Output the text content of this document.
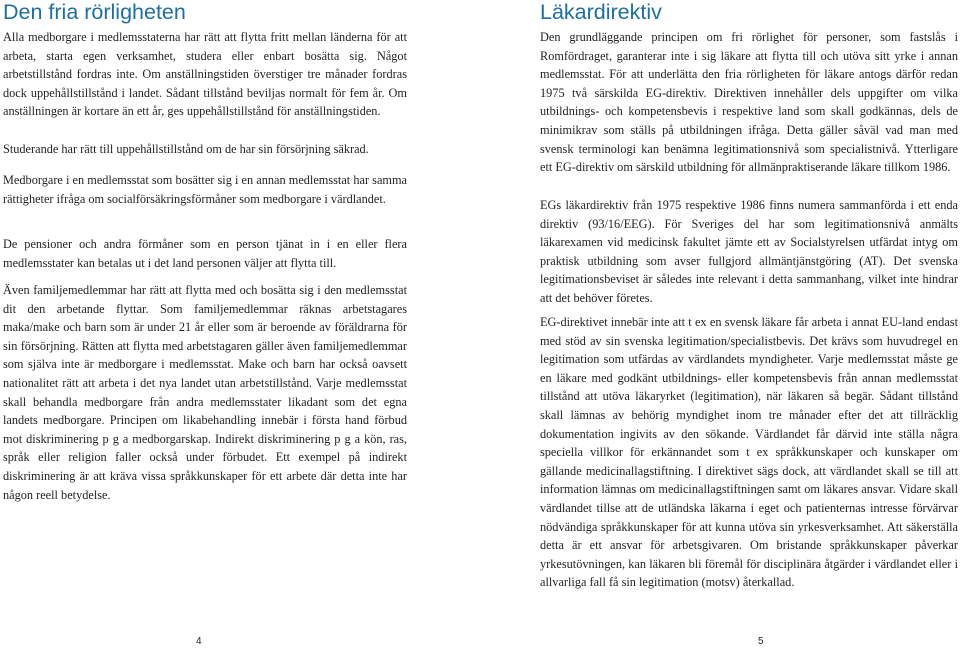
Den fria rörligheten

Alla medborgare i medlemsstaterna har rätt att flytta fritt mellan länderna för att arbeta, starta egen verksamhet, studera eller enbart bosätta sig. Något arbetstillstånd fordras inte. Om anställningstiden överstiger tre månader fordras dock uppehållstillstånd i landet. Sådant tillstånd beviljas normalt för fem år. Om anställningen är kortare än ett år, ges uppehållstillstånd för anställningstiden.

Studerande har rätt till uppehållstillstånd om de har sin försörjning säkrad.

Medborgare i en medlemsstat som bosätter sig i en annan medlemsstat har samma rättigheter ifråga om socialförsäkringsförmåner som medborgare i värdlandet.

De pensioner och andra förmåner som en person tjänat in i en eller flera medlemsstater kan betalas ut i det land personen väljer att flytta till.

Även familjemedlemmar har rätt att flytta med och bosätta sig i den medlemsstat dit den arbetande flyttar. Som familjemedlemmar räknas arbetstagares maka/make och barn som är under 21 år eller som är beroende av föräldrarna för sin försörjning. Rätten att flytta med arbetstagaren gäller även familjemedlemmar som själva inte är medborgare i medlemsstat. Make och barn har också oavsett nationalitet rätt att arbeta i det nya landet utan arbetstillstånd. Varje medlemsstat skall behandla medborgare från andra medlemsstater likadant som det egna landets medborgare. Principen om likabehandling innebär i första hand förbud mot diskriminering p g a medborgarskap. Indirekt diskriminering p g a kön, ras, språk eller religion faller också under förbudet. Ett exempel på indirekt diskriminering är att kräva vissa språkkunskaper för ett arbete där detta inte har någon reell betydelse.

Läkardirektiv

Den grundläggande principen om fri rörlighet för personer, som fastslås i Romfördraget, garanterar inte i sig läkare att flytta till och utöva sitt yrke i annan medlemsstat. För att underlätta den fria rörligheten för läkare antogs därför redan 1975 två särskilda EG-direktiv. Direktiven innehåller dels uppgifter om vilka utbildnings- och kompetensbevis i respektive land som skall godkännas, dels de minimikrav som ställs på utbildningen ifråga. Detta gäller såväl vad man med svensk terminologi kan benämna legitimationsnivå som specialistnivå. Ytterligare ett EG-direktiv om särskild utbildning för allmänpraktiserande läkare tillkom 1986.

EGs läkardirektiv från 1975 respektive 1986 finns numera sammanförda i ett enda direktiv (93/16/EEG). För Sveriges del har som legitimationsnivå anmälts läkarexamen vid medicinsk fakultet jämte ett av Socialstyrelsen utfärdat intyg om praktisk utbildning som avser fullgjord allmäntjänstgöring (AT). Det svenska legitimationsbeviset är således inte relevant i detta sammanhang, vilket inte hindrar att det behöver företes.

EG-direktivet innebär inte att t ex en svensk läkare får arbeta i annat EU-land endast med stöd av sin svenska legitimation/specialistbevis. Det krävs som huvudregel en legitimation som utfärdas av värdlandets myndigheter. Varje medlemsstat måste ge en läkare med godkänt utbildnings- eller kompetensbevis från annan medlemsstat tillstånd att utöva läkaryrket (legitimation), när läkaren så begär. Sådant tillstånd skall lämnas av behörig myndighet inom tre månader efter det att tillräcklig dokumentation ingivits av den sökande. Värdlandet får därvid inte ställa några speciella villkor för erkännandet som t ex språkkunskaper och kunskaper om gällande medicinallagstiftning. I direktivet sägs dock, att värdlandet skall se till att information lämnas om medicinallagstiftningen samt om läkares ansvar. Vidare skall värdlandet tillse att de utländska läkarna i eget och patienternas intresse förvärvar nödvändiga språkkunskaper för att kunna utöva sin yrkesverksamhet. Att säkerställa detta är ett ansvar för arbetsgivaren. Om bristande språkkunskaper påverkar yrkesutövningen, kan läkaren bli föremål för disciplinära åtgärder i värdlandet eller i allvarliga fall få sin legitimation (motsv) återkallad.

4	5
